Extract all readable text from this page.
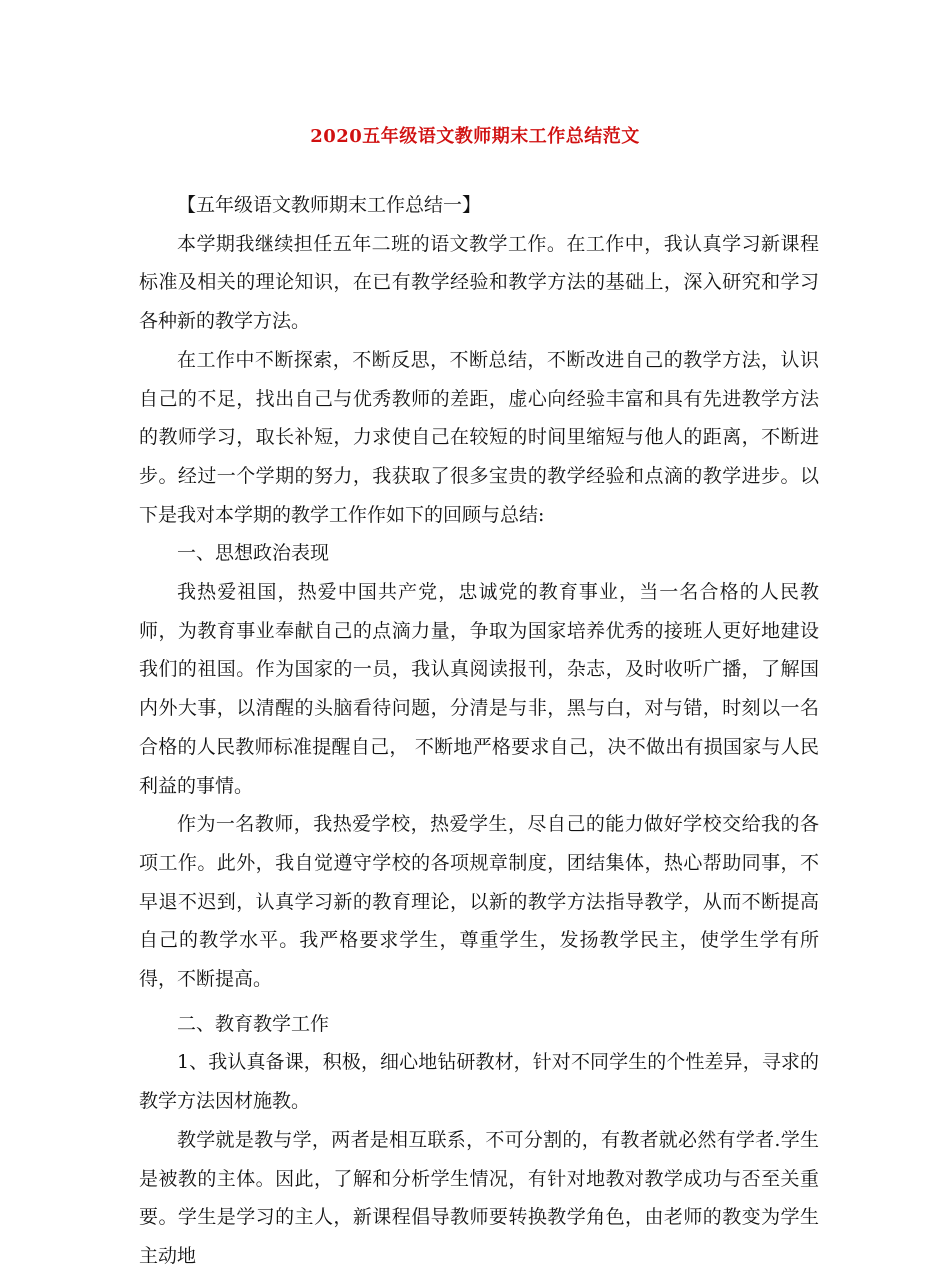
2020五年级语文教师期末工作总结范文

【五年级语文教师期末工作总结一】

本学期我继续担任五年二班的语文教学工作。在工作中，我认真学习新课程标准及相关的理论知识，在已有教学经验和教学方法的基础上，深入研究和学习各种新的教学方法。

在工作中不断探索，不断反思，不断总结，不断改进自己的教学方法，认识自己的不足，找出自己与优秀教师的差距，虚心向经验丰富和具有先进教学方法的教师学习，取长补短，力求使自己在较短的时间里缩短与他人的距离，不断进步。经过一个学期的努力，我获取了很多宝贵的教学经验和点滴的教学进步。以下是我对本学期的教学工作作如下的回顾与总结:

一、思想政治表现

我热爱祖国，热爱中国共产党，忠诚党的教育事业，当一名合格的人民教师，为教育事业奉献自己的点滴力量，争取为国家培养优秀的接班人更好地建设我们的祖国。作为国家的一员，我认真阅读报刊，杂志，及时收听广播，了解国内外大事，以清醒的头脑看待问题，分清是与非，黑与白，对与错，时刻以一名合格的人民教师标准提醒自己， 不断地严格要求自己，决不做出有损国家与人民利益的事情。

作为一名教师，我热爱学校，热爱学生，尽自己的能力做好学校交给我的各项工作。此外，我自觉遵守学校的各项规章制度，团结集体，热心帮助同事，不早退不迟到，认真学习新的教育理论，以新的教学方法指导教学，从而不断提高自己的教学水平。我严格要求学生，尊重学生，发扬教学民主，使学生学有所得，不断提高。

二、教育教学工作

1、我认真备课，积极，细心地钻研教材，针对不同学生的个性差异，寻求的教学方法因材施教。

教学就是教与学，两者是相互联系，不可分割的，有教者就必然有学者.学生是被教的主体。因此，了解和分析学生情况，有针对地教对教学成功与否至关重要。学生是学习的主人，新课程倡导教师要转换教学角色，由老师的教变为学生主动地
